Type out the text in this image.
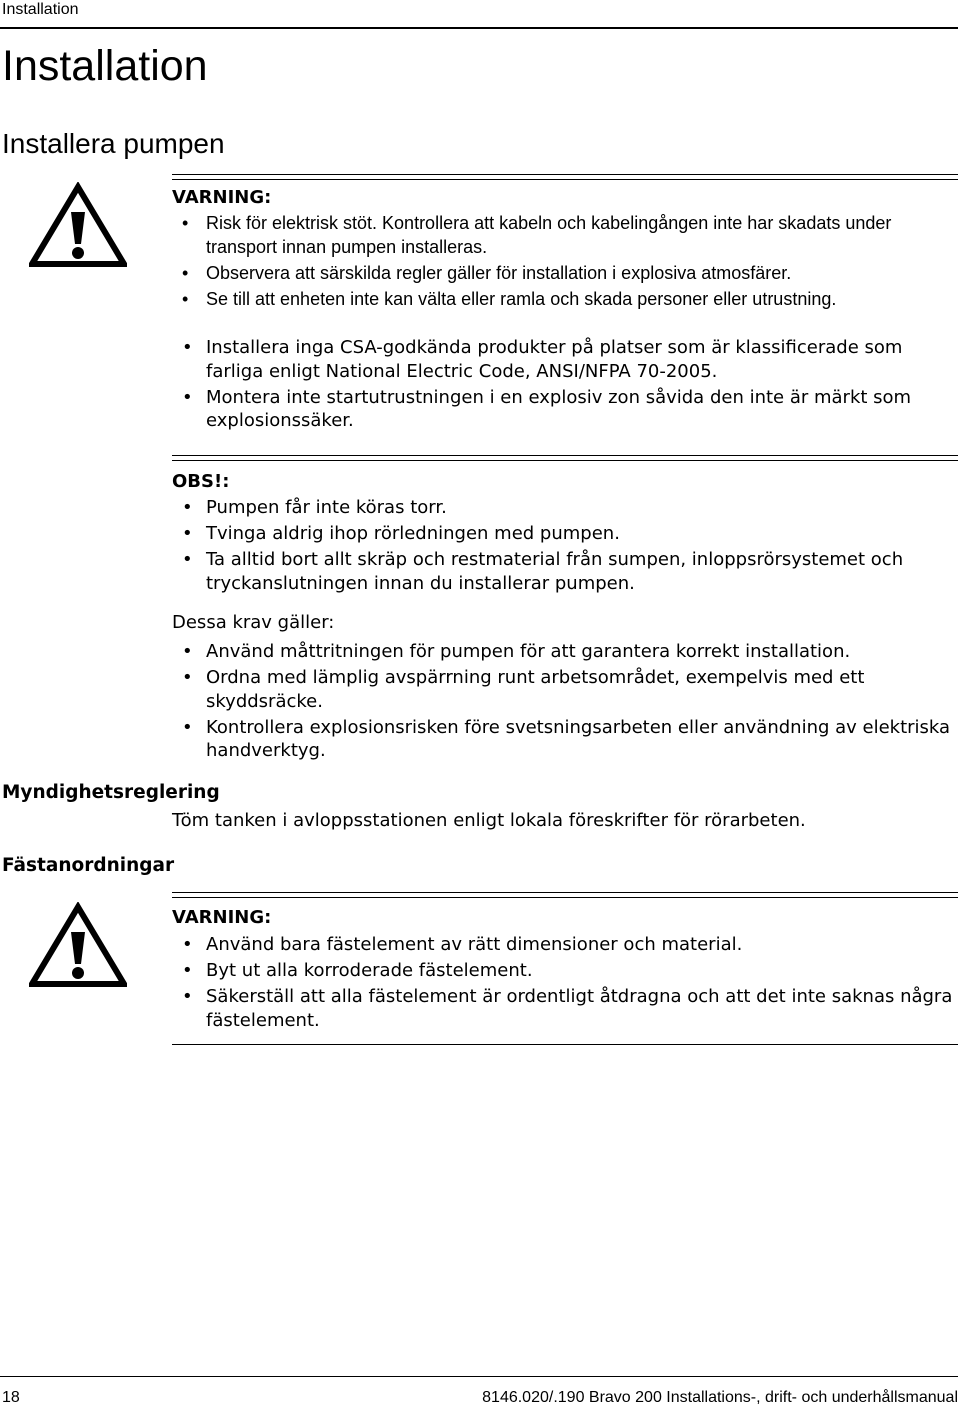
Installation
Installation
Installera pumpen
VARNING:
• Risk för elektrisk stöt. Kontrollera att kabeln och kabelingången inte har skadats under transport innan pumpen installeras.
• Observera att särskilda regler gäller för installation i explosiva atmosfärer.
• Se till att enheten inte kan välta eller ramla och skada personer eller utrustning.
• Installera inga CSA-godkända produkter på platser som är klassificerade som farliga enligt National Electric Code, ANSI/NFPA 70-2005.
• Montera inte startutrustningen i en explosiv zon såvida den inte är märkt som explosionssäker.
OBS!:
• Pumpen får inte köras torr.
• Tvinga aldrig ihop rörledningen med pumpen.
• Ta alltid bort allt skräp och restmaterial från sumpen, inloppsrörsystemet och tryckanslutningen innan du installerar pumpen.
Dessa krav gäller:
• Använd måttritningen för pumpen för att garantera korrekt installation.
• Ordna med lämplig avspärrning runt arbetsområdet, exempelvis med ett skyddsräcke.
• Kontrollera explosionsrisken före svetsningsarbeten eller användning av elektriska handverktyg.
Myndighetsreglering
Töm tanken i avloppsstationen enligt lokala föreskrifter för rörarbeten.
Fästanordningar
VARNING:
• Använd bara fästelement av rätt dimensioner och material.
• Byt ut alla korroderade fästelement.
• Säkerställ att alla fästelement är ordentligt åtdragna och att det inte saknas några fästelement.
18	8146.020/.190 Bravo 200 Installations-, drift- och underhållsmanual
